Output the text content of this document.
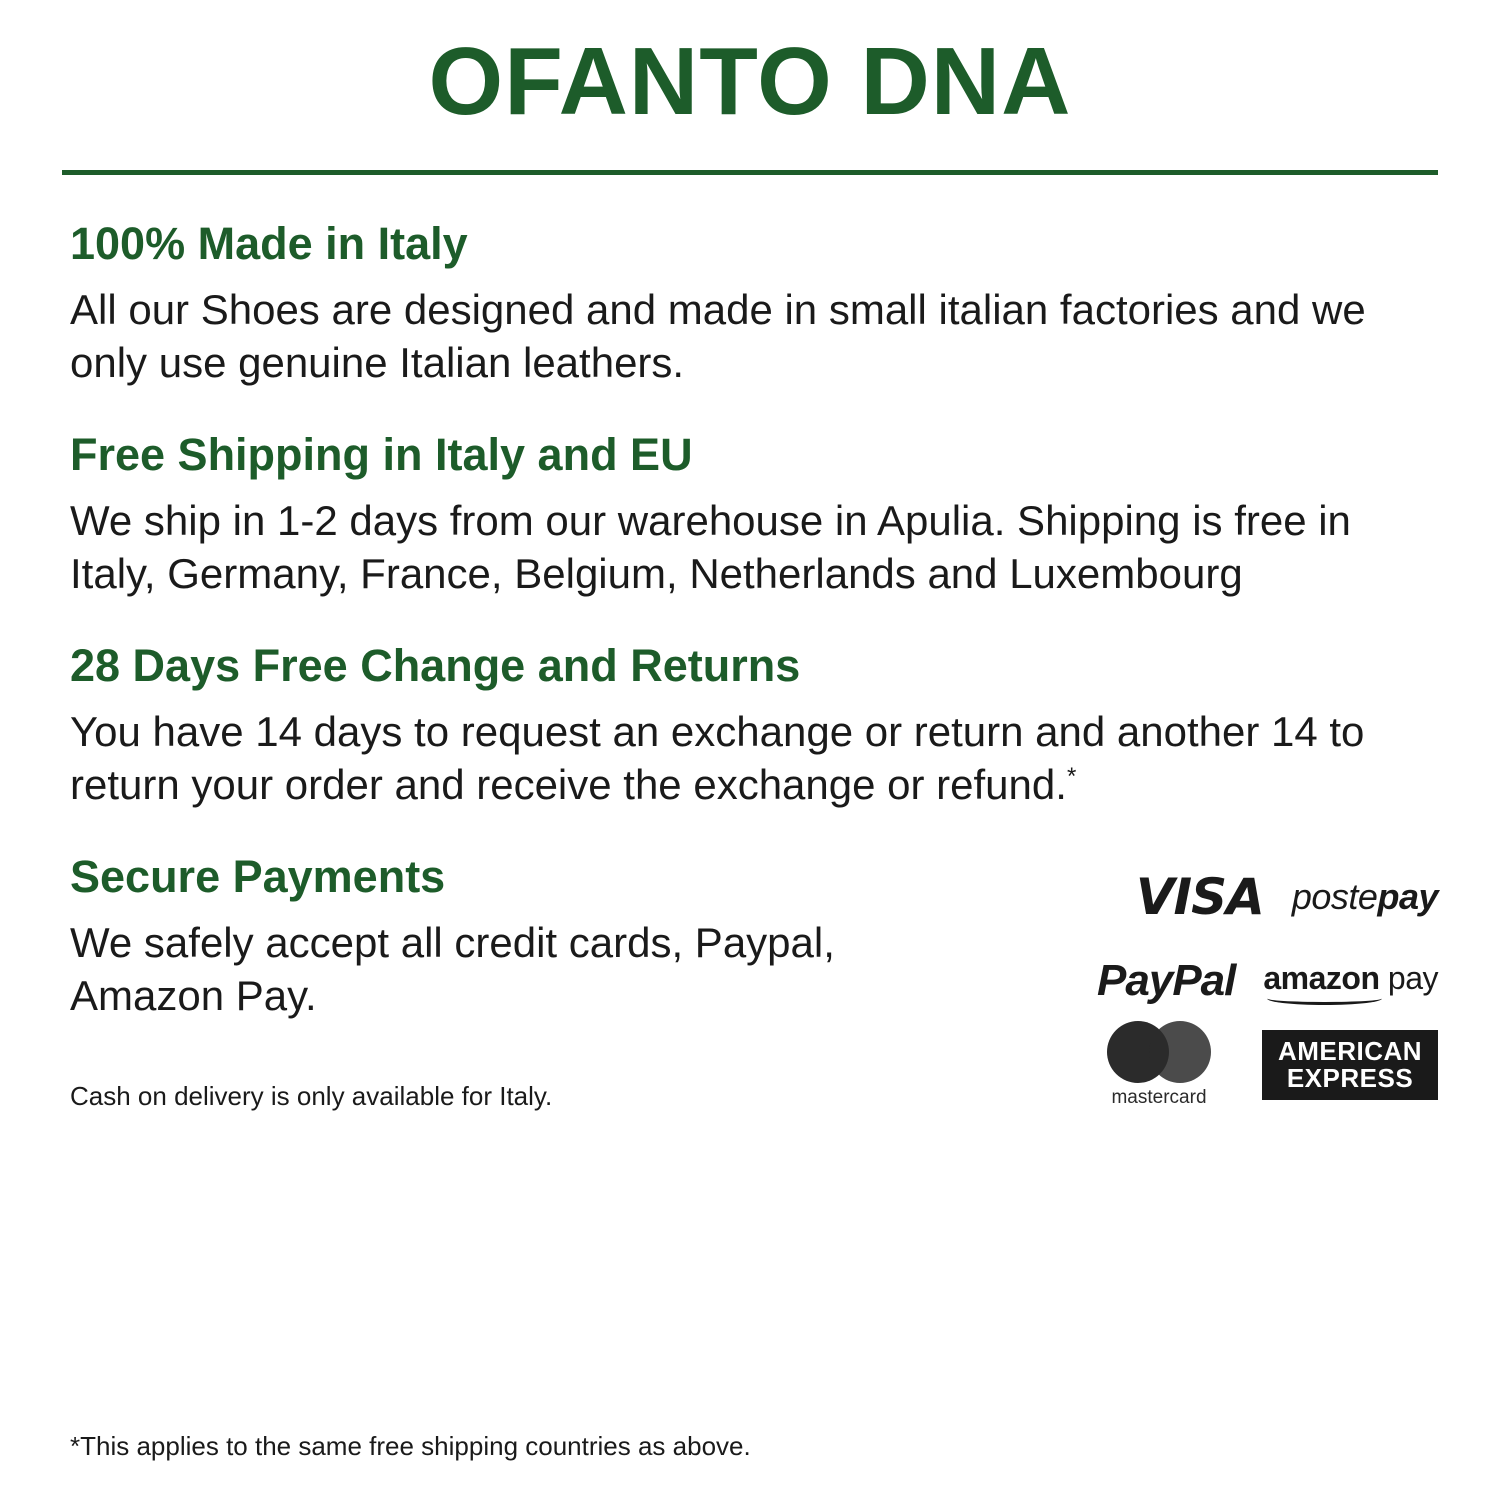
OFANTO DNA
100% Made in Italy

All our Shoes are designed and made in small italian factories and we only use genuine Italian leathers.

Free Shipping in Italy and EU

We ship in 1-2 days from our warehouse in Apulia. Shipping is free in Italy, Germany, France, Belgium, Netherlands and Luxembourg

28 Days Free Change and Returns

You have 14 days to request an exchange or return and another 14 to return your order and receive the exchange or refund.*

Secure Payments

We safely accept all credit cards, Paypal, Amazon Pay.

Cash on delivery is only available for Italy.
VISA postepay
PayPal amazon pay
mastercard
AMERICAN
EXPRESS
*This applies to the same free shipping countries as above.
